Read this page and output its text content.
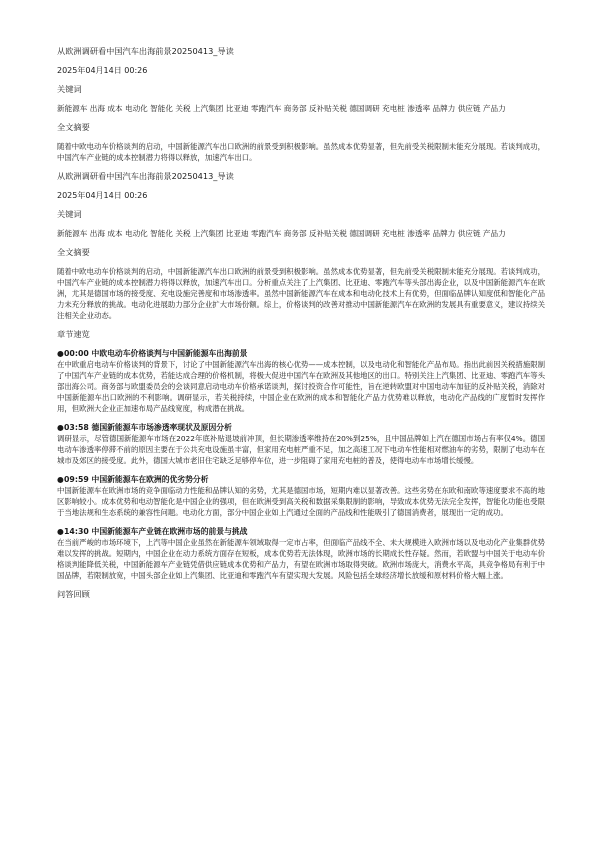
从欧洲调研看中国汽车出海前景20250413_导读
2025年04月14日 00:26
关键词
新能源车 出海 成本 电动化 智能化 关税 上汽集团 比亚迪 零跑汽车 商务部 反补贴关税 德国调研 充电桩 渗透率 品牌力 供应链 产品力
全文摘要
随着中欧电动车价格谈判的启动，中国新能源汽车出口欧洲的前景受到积极影响。虽然成本优势显著，但先前受关税限制未能充分展现。若谈判成功，中国汽车产业链的成本控制潜力将得以释放，加速汽车出口。
从欧洲调研看中国汽车出海前景20250413_导读
2025年04月14日 00:26
关键词
新能源车 出海 成本 电动化 智能化 关税 上汽集团 比亚迪 零跑汽车 商务部 反补贴关税 德国调研 充电桩 渗透率 品牌力 供应链 产品力
全文摘要
随着中欧电动车价格谈判的启动，中国新能源汽车出口欧洲的前景受到积极影响。虽然成本优势显著，但先前受关税限制未能充分展现。若谈判成功，中国汽车产业链的成本控制潜力将得以释放，加速汽车出口。分析重点关注了上汽集团、比亚迪、零跑汽车等头部出海企业，以及中国新能源汽车在欧洲，尤其是德国市场的接受度、充电设施完善度和市场渗透率。虽然中国新能源汽车在成本和电动化技术上有优势，但面临品牌认知度低和智能化产品力未充分释放的挑战。电动化进展助力部分企业扩大市场份额。综上，价格谈判的改善对推动中国新能源汽车在欧洲的发展具有重要意义，建议持续关注相关企业动态。
章节速览

●00:00 中欧电动车价格谈判与中国新能源车出海前景

在中欧重启电动车价格谈判的背景下，讨论了中国新能源汽车出海的核心优势——成本控制，以及电动化和智能化产品布局。指出此前因关税措施限制了中国汽车产业链的成本优势，若能达成合理的价格机制，将极大促进中国汽车在欧洲及其他地区的出口。特别关注上汽集团、比亚迪、零跑汽车等头部出海公司。商务部与欧盟委员会的会谈同意启动电动车价格承诺谈判，探讨投资合作可能性，旨在逆转欧盟对中国电动车加征的反补贴关税，消除对中国新能源车出口欧洲的不利影响。调研显示，若关税持续，中国企业在欧洲的成本和智能化产品力优势难以释放，电动化产品线的广度暂时发挥作用，但欧洲大企业正加速布局产品线宽度，构成潜在挑战。

●03:58 德国新能源车市场渗透率现状及原因分析

调研显示，尽管德国新能源车市场在2022年底补贴退坡前冲顶，但长期渗透率维持在20%到25%，且中国品牌如上汽在德国市场占有率仅4%。德国电动车渗透率停滞不前的原因主要在于公共充电设施虽丰富，但家用充电桩严重不足，加之高速工况下电动车性能相对燃油车的劣势，限制了电动车在城市及郊区的接受度。此外，德国大城市老旧住宅缺乏足够停车位，进一步阻碍了家用充电桩的普及，使得电动车市场增长缓慢。

●09:59 中国新能源车在欧洲的优劣势分析

中国新能源车在欧洲市场的竞争面临动力性能和品牌认知的劣势，尤其是德国市场，短期内难以显著改善。这些劣势在东欧和南欧等速度要求不高的地区影响较小。成本优势和电动智能化是中国企业的强项，但在欧洲受到高关税和数据采集限制的影响，导致成本优势无法完全发挥，智能化功能也受限于当地法规和生态系统的兼容性问题。电动化方面，部分中国企业如上汽通过全面的产品线和性能吸引了德国消费者，展现出一定的成功。

●14:30 中国新能源车产业链在欧洲市场的前景与挑战

在当前严峻的市场环境下，上汽等中国企业虽然在新能源车领域取得一定市占率，但面临产品线不全、未大规模进入欧洲市场以及电动化产业集群优势难以发挥的挑战。短期内，中国企业在动力系统方面存在短板，成本优势若无法体现，欧洲市场的长期成长性存疑。然而，若欧盟与中国关于电动车价格谈判能降低关税，中国新能源车产业链凭借供应链成本优势和产品力，有望在欧洲市场取得突破。欧洲市场庞大，消费水平高，具竞争格局有利于中国品牌，若限制放宽，中国头部企业如上汽集团、比亚迪和零跑汽车有望实现大发展。风险包括全球经济增长放缓和原材料价格大幅上涨。

问答回顾
